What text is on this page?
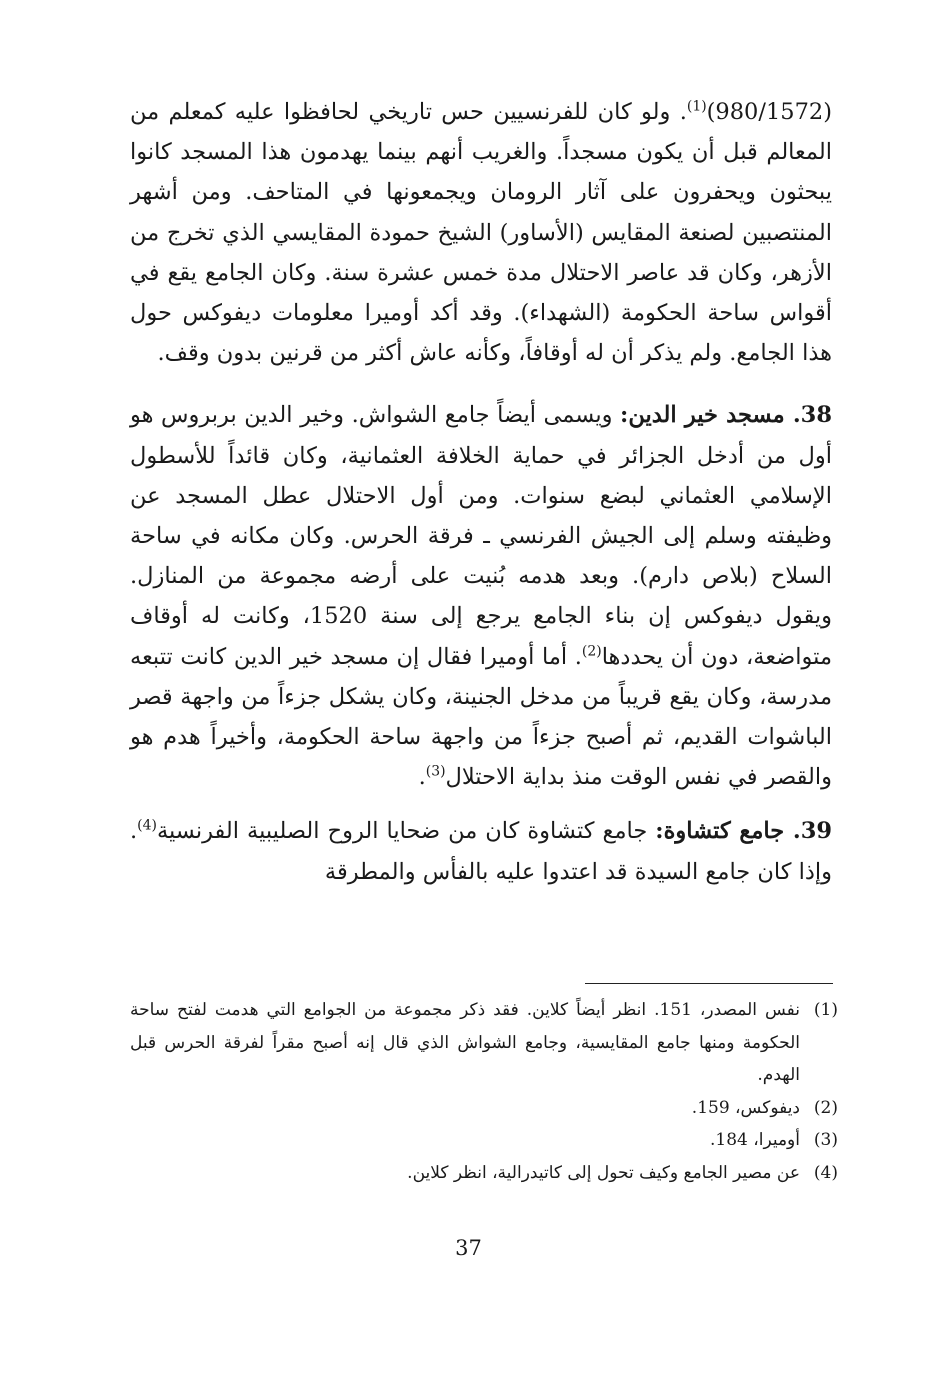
$(980/1572)^{(1)}$. ولو كان للفرنسيين حس تاريخي لحافظوا عليه كمعلم من المعالم قبل أن يكون مسجداً. والغريب أنهم بينما يهدمون هذا المسجد كانوا يبحثون ويحفرون على آثار الرومان ويجمعونها في المتاحف. ومن أشهر المنتصبين لصنعة المقايس (الأساور) الشيخ حمودة المقايسي الذي تخرج من الأزهر، وكان قد عاصر الاحتلال مدة خمس عشرة سنة. وكان الجامع يقع في أقواس ساحة الحكومة (الشهداء). وقد أكد أوميرا معلومات ديفوكس حول هذا الجامع. ولم يذكر أن له أوقافاً، وكأنه عاش أكثر من قرنين بدون وقف.

38. مسجد خير الدين: ويسمى أيضاً جامع الشواش. وخير الدين بربروس هو أول من أدخل الجزائر في حماية الخلافة العثمانية، وكان قائداً للأسطول الإسلامي العثماني لبضع سنوات. ومن أول الاحتلال عطل المسجد عن وظيفته وسلم إلى الجيش الفرنسي ـ فرقة الحرس. وكان مكانه في ساحة السلاح (بلاص دارم). وبعد هدمه بُنيت على أرضه مجموعة من المنازل. ويقول ديفوكس إن بناء الجامع يرجع إلى سنة 1520، وكانت له أوقاف متواضعة، دون أن يحددها$^{(2)}$. أما أوميرا فقال إن مسجد خير الدين كانت تتبعه مدرسة، وكان يقع قريباً من مدخل الجنينة، وكان يشكل جزءاً من واجهة قصر الباشوات القديم، ثم أصبح جزءاً من واجهة ساحة الحكومة، وأخيراً هدم هو والقصر في نفس الوقت منذ بداية الاحتلال$^{(3)}$.

39. جامع كتشاوة: جامع كتشاوة كان من ضحايا الروح الصليبية الفرنسية$^{(4)}$. وإذا كان جامع السيدة قد اعتدوا عليه بالفأس والمطرقة

(1)
نفس المصدر، 151. انظر أيضاً كلاين. فقد ذكر مجموعة من الجوامع التي هدمت لفتح ساحة الحكومة ومنها جامع المقايسية، وجامع الشواش الذي قال إنه أصبح مقراً لفرقة الحرس قبل الهدم.
(2)
ديفوكس، 159.
(3)
أوميرا، 184.
(4)
عن مصير الجامع وكيف تحول إلى كاتيدرالية، انظر كلاين.
37
